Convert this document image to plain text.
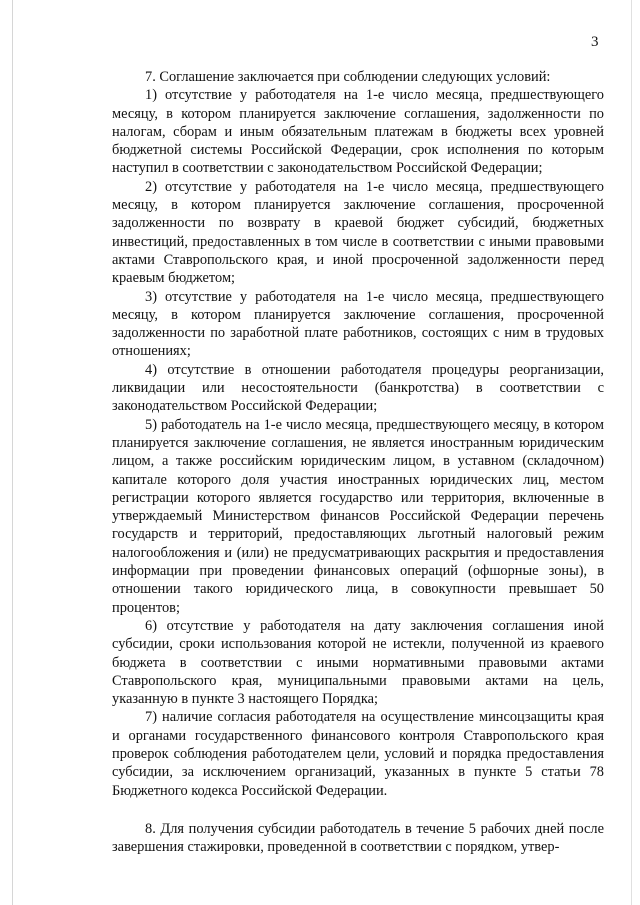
3

7. Соглашение заключается при соблюдении следующих условий:

1) отсутствие у работодателя на 1-е число месяца, предшествующего месяцу, в котором планируется заключение соглашения, задолженности по налогам, сборам и иным обязательным платежам в бюджеты всех уровней бюджетной системы Российской Федерации, срок исполнения по которым наступил в соответствии с законодательством Российской Федерации;

2) отсутствие у работодателя на 1-е число месяца, предшествующего месяцу, в котором планируется заключение соглашения, просроченной задолженности по возврату в краевой бюджет субсидий, бюджетных инвестиций, предоставленных в том числе в соответствии с иными правовыми актами Ставропольского края, и иной просроченной задолженности перед краевым бюджетом;

3) отсутствие у работодателя на 1-е число месяца, предшествующего месяцу, в котором планируется заключение соглашения, просроченной задолженности по заработной плате работников, состоящих с ним в трудовых отношениях;

4) отсутствие в отношении работодателя процедуры реорганизации, ликвидации или несостоятельности (банкротства) в соответствии с законодательством Российской Федерации;

5) работодатель на 1-е число месяца, предшествующего месяцу, в котором планируется заключение соглашения, не является иностранным юридическим лицом, а также российским юридическим лицом, в уставном (складочном) капитале которого доля участия иностранных юридических лиц, местом регистрации которого является государство или территория, включенные в утверждаемый Министерством финансов Российской Федерации перечень государств и территорий, предоставляющих льготный налоговый режим налогообложения и (или) не предусматривающих раскрытия и предоставления информации при проведении финансовых операций (офшорные зоны), в отношении такого юридического лица, в совокупности превышает 50 процентов;

6) отсутствие у работодателя на дату заключения соглашения иной субсидии, сроки использования которой не истекли, полученной из краевого бюджета в соответствии с иными нормативными правовыми актами Ставропольского края, муниципальными правовыми актами на цель, указанную в пункте 3 настоящего Порядка;

7) наличие согласия работодателя на осуществление минсоцзащиты края и органами государственного финансового контроля Ставропольского края проверок соблюдения работодателем цели, условий и порядка предоставления субсидии, за исключением организаций, указанных в пункте 5 статьи 78 Бюджетного кодекса Российской Федерации.

8. Для получения субсидии работодатель в течение 5 рабочих дней после завершения стажировки, проведенной в соответствии с порядком, утвер-
